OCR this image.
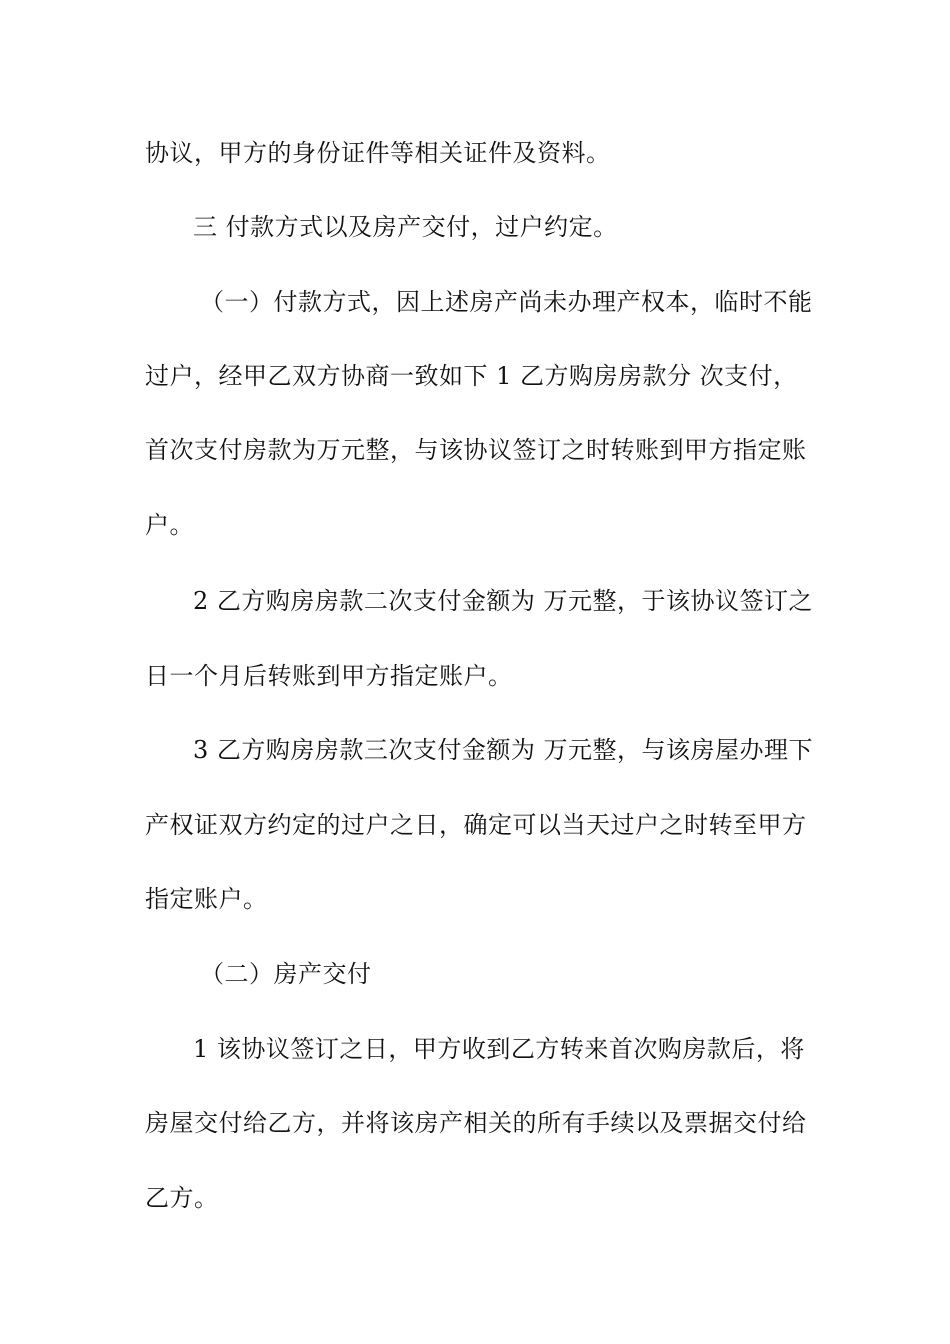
协议，甲方的身份证件等相关证件及资料。
三 付款方式以及房产交付，过户约定。
（一）付款方式，因上述房产尚未办理产权本，临时不能
过户，经甲乙双方协商一致如下 1 乙方购房房款分 次支付，
首次支付房款为万元整，与该协议签订之时转账到甲方指定账
户。
2 乙方购房房款二次支付金额为 万元整，于该协议签订之
日一个月后转账到甲方指定账户。
3 乙方购房房款三次支付金额为 万元整，与该房屋办理下
产权证双方约定的过户之日，确定可以当天过户之时转至甲方
指定账户。
（二）房产交付
1 该协议签订之日，甲方收到乙方转来首次购房款后，将
房屋交付给乙方，并将该房产相关的所有手续以及票据交付给
乙方。
